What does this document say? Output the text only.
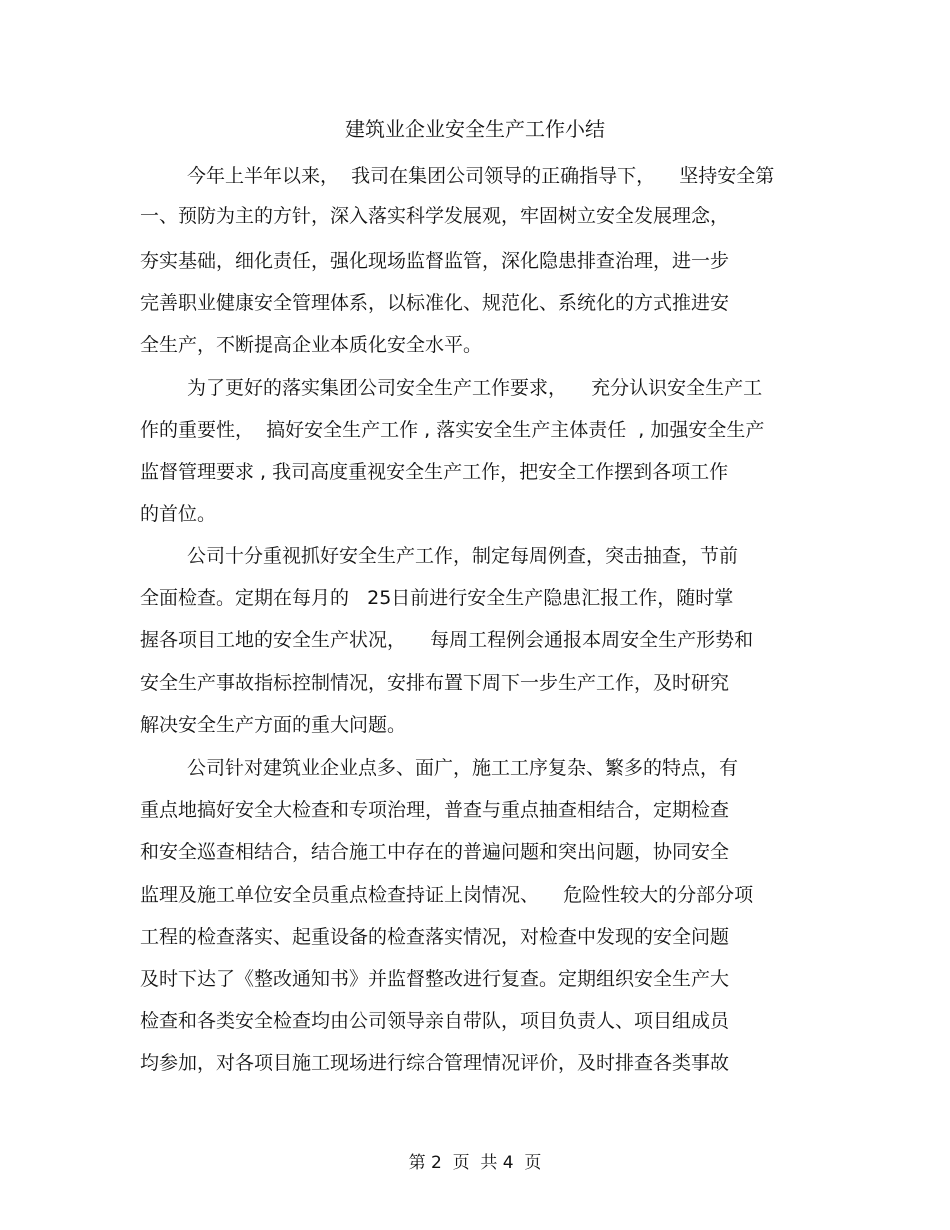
建筑业企业安全生产工作小结
今年上半年以来，  我司在集团公司领导的正确指导下，    坚持安全第
一、预防为主的方针，深入落实科学发展观，牢固树立安全发展理念，
夯实基础，细化责任，强化现场监督监管，深化隐患排查治理，进一步
完善职业健康安全管理体系，以标准化、规范化、系统化的方式推进安
全生产，不断提高企业本质化安全水平。
为了更好的落实集团公司安全生产工作要求，    充分认识安全生产工
作的重要性，  搞好安全生产工作 , 落实安全生产主体责任  , 加强安全生产
监督管理要求 , 我司高度重视安全生产工作，把安全工作摆到各项工作
的首位。
公司十分重视抓好安全生产工作，制定每周例查，突击抽查，节前
全面检查。定期在每月的   25日前进行安全生产隐患汇报工作，随时掌
握各项目工地的安全生产状况，    每周工程例会通报本周安全生产形势和
安全生产事故指标控制情况，安排布置下周下一步生产工作，及时研究
解决安全生产方面的重大问题。
公司针对建筑业企业点多、面广，施工工序复杂、繁多的特点，有
重点地搞好安全大检查和专项治理，普查与重点抽查相结合，定期检查
和安全巡查相结合，结合施工中存在的普遍问题和突出问题，协同安全
监理及施工单位安全员重点检查持证上岗情况、    危险性较大的分部分项
工程的检查落实、起重设备的检查落实情况，对检查中发现的安全问题
及时下达了《整改通知书》并监督整改进行复查。定期组织安全生产大
检查和各类安全检查均由公司领导亲自带队，项目负责人、项目组成员
均参加，对各项目施工现场进行综合管理情况评价，及时排查各类事故
第 2  页  共 4  页
